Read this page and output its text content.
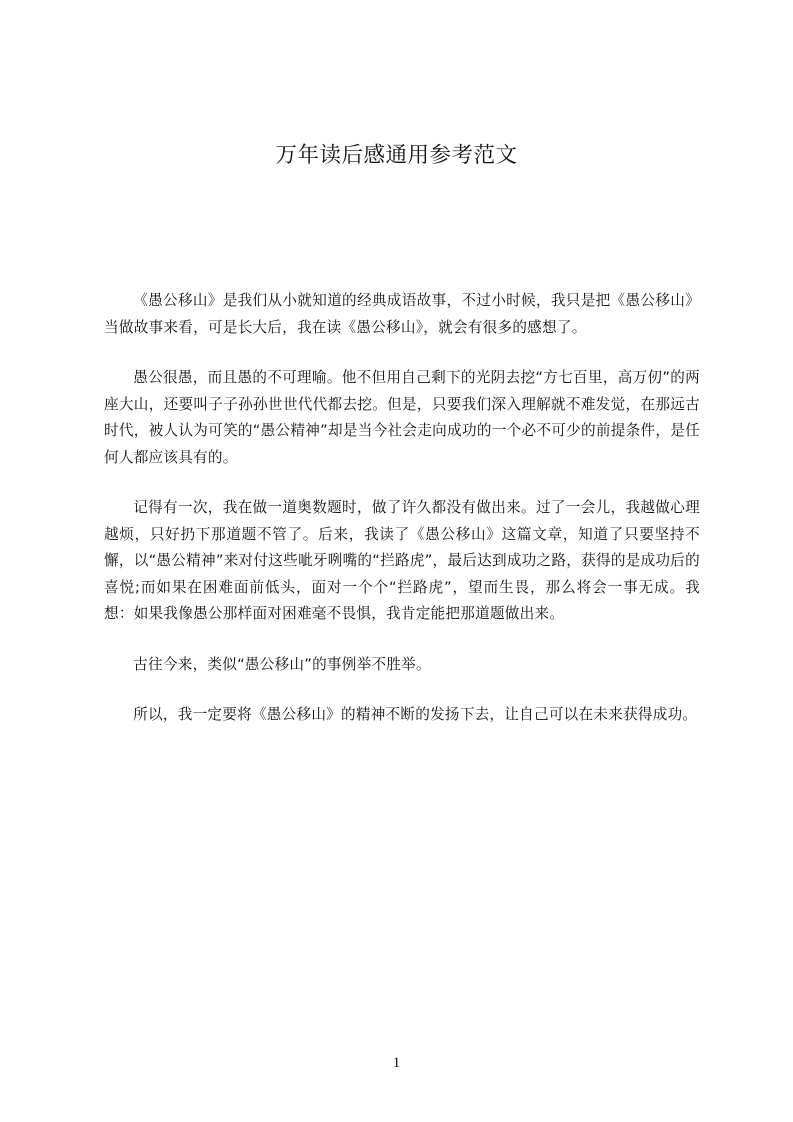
万年读后感通用参考范文

《愚公移山》是我们从小就知道的经典成语故事，不过小时候，我只是把《愚公移山》当做故事来看，可是长大后，我在读《愚公移山》，就会有很多的感想了。

愚公很愚，而且愚的不可理喻。他不但用自己剩下的光阴去挖“方七百里，高万仞”的两座大山，还要叫子子孙孙世世代代都去挖。但是，只要我们深入理解就不难发觉，在那远古时代，被人认为可笑的“愚公精神”却是当今社会走向成功的一个必不可少的前提条件，是任何人都应该具有的。

记得有一次，我在做一道奥数题时，做了许久都没有做出来。过了一会儿，我越做心理越烦，只好扔下那道题不管了。后来，我读了《愚公移山》这篇文章，知道了只要坚持不懈，以“愚公精神”来对付这些呲牙咧嘴的“拦路虎”，最后达到成功之路，获得的是成功后的喜悦;而如果在困难面前低头，面对一个个“拦路虎”，望而生畏，那么将会一事无成。我想：如果我像愚公那样面对困难毫不畏惧，我肯定能把那道题做出来。

古往今来，类似“愚公移山”的事例举不胜举。

所以，我一定要将《愚公移山》的精神不断的发扬下去，让自己可以在未来获得成功。

1
